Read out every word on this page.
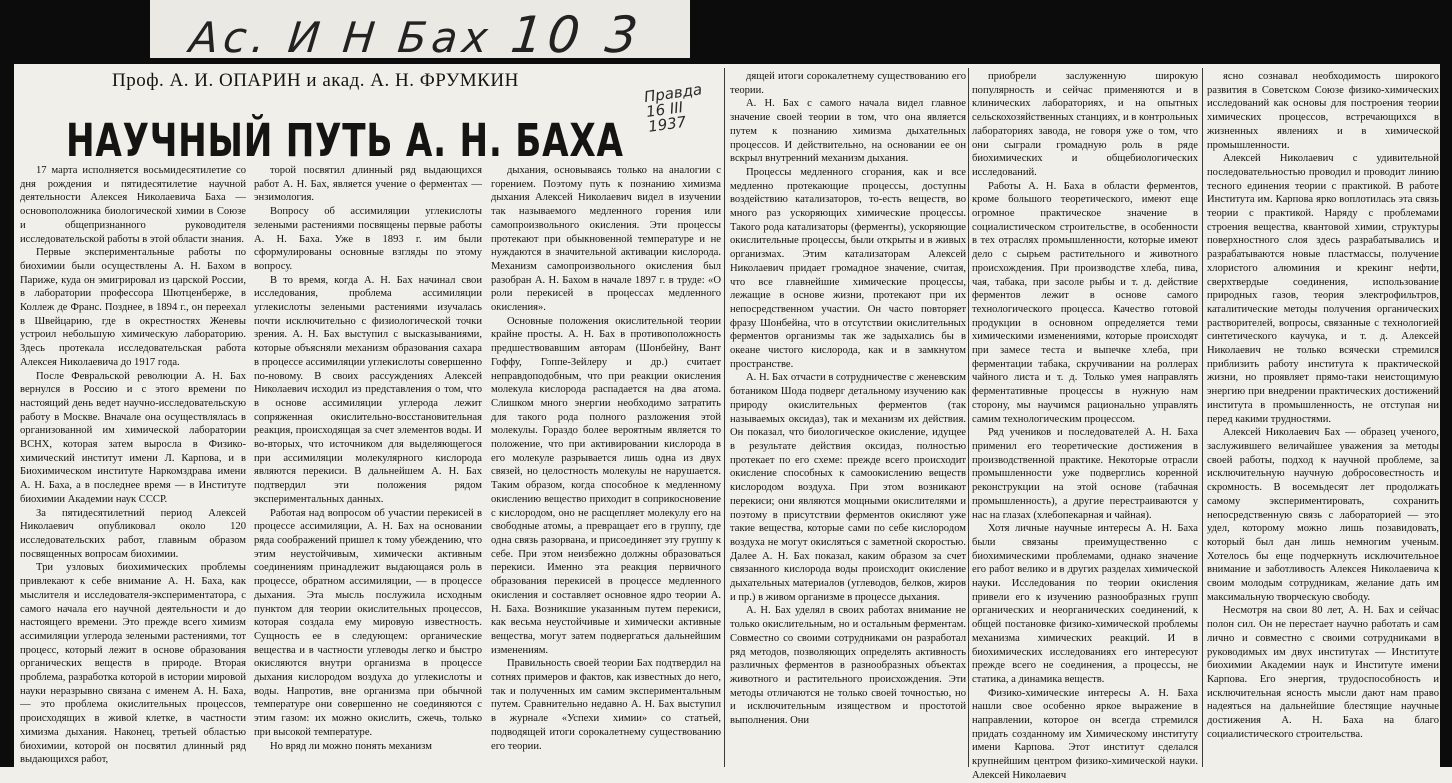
Ас. И Н Бах 10 3
Проф. А. И. ОПАРИН и акад. А. Н. ФРУМКИН
НАУЧНЫЙ ПУТЬ А. Н. БАХА
Правда
16 III
1937

17 марта исполняется восьмидесятилетие со дня рождения и пятидесятилетие научной деятельности Алексея Николаевича Баха — основоположника биологической химии в Союзе и общепризнанного руководителя исследовательской работы в этой области знания.

Первые экспериментальные работы по биохимии были осуществлены А. Н. Бахом в Париже, куда он эмигрировал из царской России, в лаборатории профессора Шютценберже, в Коллеж де Франс. Позднее, в 1894 г., он переехал в Швейцарию, где в окрестностях Женевы устроил небольшую химическую лабораторию. Здесь протекала исследовательская работа Алексея Николаевича до 1917 года.

После Февральской революции А. Н. Бах вернулся в Россию и с этого времени по настоящий день ведет научно-исследовательскую работу в Москве. Вначале она осуществлялась в организованной им химической лаборатории ВСНХ, которая затем выросла в Физико-химический институт имени Л. Карпова, и в Биохимическом институте Наркомздрава имени А. Н. Баха, а в последнее время — в Институте биохимии Академии наук СССР.

За пятидесятилетний период Алексей Николаевич опубликовал около 120 исследовательских работ, главным образом посвященных вопросам биохимии.

Три узловых биохимических проблемы привлекают к себе внимание А. Н. Баха, как мыслителя и исследователя-экспериментатора, с самого начала его научной деятельности и до настоящего времени. Это прежде всего химизм ассимиляции углерода зелеными растениями, тот процесс, который лежит в основе образования органических веществ в природе. Вторая проблема, разработка которой в истории мировой науки неразрывно связана с именем А. Н. Баха, — это проблема окислительных процессов, происходящих в живой клетке, в частности химизма дыхания. Наконец, третьей областью биохимии, которой он посвятил длинный ряд выдающихся работ,

торой посвятил длинный ряд выдающихся работ А. Н. Бах, является учение о ферментах — энзимология.

Вопросу об ассимиляции углекислоты зелеными растениями посвящены первые работы А. Н. Баха. Уже в 1893 г. им были сформулированы основные взгляды по этому вопросу.

В то время, когда А. Н. Бах начинал свои исследования, проблема ассимиляции углекислоты зелеными растениями изучалась почти исключительно с физиологической точки зрения. А. Н. Бах выступил с высказываниями, которые объясняли механизм образования сахара в процессе ассимиляции углекислоты совершенно по-новому. В своих рассуждениях Алексей Николаевич исходил из представления о том, что в основе ассимиляции углерода лежит сопряженная окислительно-восстановительная реакция, происходящая за счет элементов воды. И во-вторых, что источником для выделяющегося при ассимиляции молекулярного кислорода являются перекиси. В дальнейшем А. Н. Бах подтвердил эти положения рядом экспериментальных данных.

Работая над вопросом об участии перекисей в процессе ассимиляции, А. Н. Бах на основании ряда соображений пришел к тому убеждению, что этим неустойчивым, химически активным соединениям принадлежит выдающаяся роль в процессе, обратном ассимиляции, — в процессе дыхания. Эта мысль послужила исходным пунктом для теории окислительных процессов, которая создала ему мировую известность. Сущность ее в следующем: органические вещества и в частности углеводы легко и быстро окисляются внутри организма в процессе дыхания кислородом воздуха до углекислоты и воды. Напротив, вне организма при обычной температуре они совершенно не соединяются с этим газом: их можно окислить, сжечь, только при высокой температуре.

Но вряд ли можно понять механизм

дыхания, основываясь только на аналогии с горением. Поэтому путь к познанию химизма дыхания Алексей Николаевич видел в изучении так называемого медленного горения или самопроизвольного окисления. Эти процессы протекают при обыкновенной температуре и не нуждаются в значительной активации кислорода. Механизм самопроизвольного окисления был разобран А. Н. Бахом в начале 1897 г. в труде: «О роли перекисей в процессах медленного окисления».

Основные положения окислительной теории крайне просты. А. Н. Бах в противоположность предшествовавшим авторам (Шонбейну, Вант Гоффу, Гоппе-Зейлеру и др.) считает неправдоподобным, что при реакции окисления молекула кислорода распадается на два атома. Слишком много энергии необходимо затратить для такого рода полного разложения этой молекулы. Гораздо более вероятным является то положение, что при активировании кислорода в его молекуле разрывается лишь одна из двух связей, но целостность молекулы не нарушается. Таким образом, когда способное к медленному окислению вещество приходит в соприкосновение с кислородом, оно не расщепляет молекулу его на свободные атомы, а превращает его в группу, где одна связь разорвана, и присоединяет эту группу к себе. При этом неизбежно должны образоваться перекиси. Именно эта реакция первичного образования перекисей в процессе медленного окисления и составляет основное ядро теории А. Н. Баха. Возникшие указанным путем перекиси, как весьма неустойчивые и химически активные вещества, могут затем подвергаться дальнейшим изменениям.

Правильность своей теории Бах подтвердил на сотнях примеров и фактов, как известных до него, так и полученных им самим экспериментальным путем. Сравнительно недавно А. Н. Бах выступил в журнале «Успехи химии» со статьей, подводящей итоги сорокалетнему существованию его теории.

дящей итоги сорокалетнему существованию его теории.

А. Н. Бах с самого начала видел главное значение своей теории в том, что она является путем к познанию химизма дыхательных процессов. И действительно, на основании ее он вскрыл внутренний механизм дыхания.

Процессы медленного сгорания, как и все медленно протекающие процессы, доступны воздействию катализаторов, то-есть веществ, во много раз ускоряющих химические процессы. Такого рода катализаторы (ферменты), ускоряющие окислительные процессы, были открыты и в живых организмах. Этим катализаторам Алексей Николаевич придает громадное значение, считая, что все главнейшие химические процессы, лежащие в основе жизни, протекают при их непосредственном участии. Он часто повторяет фразу Шонбейна, что в отсутствии окислительных ферментов организмы так же задыхались бы в океане чистого кислорода, как и в замкнутом пространстве.

А. Н. Бах отчасти в сотрудничестве с женевским ботаником Шода подверг детальному изучению как природу окислительных ферментов (так называемых оксидаз), так и механизм их действия. Он показал, что биологическое окисление, идущее в результате действия оксидаз, полностью протекает по его схеме: прежде всего происходит окисление способных к самоокислению веществ кислородом воздуха. При этом возникают перекиси; они являются мощными окислителями и поэтому в присутствии ферментов окисляют уже такие вещества, которые сами по себе кислородом воздуха не могут окисляться с заметной скоростью. Далее А. Н. Бах показал, каким образом за счет связанного кислорода воды происходит окисление дыхательных материалов (углеводов, белков, жиров и пр.) в живом организме в процессе дыхания.

А. Н. Бах уделял в своих работах внимание не только окислительным, но и остальным ферментам. Совместно со своими сотрудниками он разработал ряд методов, позволяющих определять активность различных ферментов в разнообразных объектах животного и растительного происхождения. Эти методы отличаются не только своей точностью, но и исключительным изяществом и простотой выполнения. Они

приобрели заслуженную широкую популярность и сейчас применяются и в клинических лабораториях, и на опытных сельскохозяйственных станциях, и в контрольных лабораториях завода, не говоря уже о том, что они сыграли громадную роль в ряде биохимических и общебиологических исследований.

Работы А. Н. Баха в области ферментов, кроме большого теоретического, имеют еще огромное практическое значение в социалистическом строительстве, в особенности в тех отраслях промышленности, которые имеют дело с сырьем растительного и животного происхождения. При производстве хлеба, пива, чая, табака, при засоле рыбы и т. д. действие ферментов лежит в основе самого технологического процесса. Качество готовой продукции в основном определяется теми химическими изменениями, которые происходят при замесе теста и выпечке хлеба, при ферментации табака, скручивании на роллерах чайного листа и т. д. Только умея направлять ферментативные процессы в нужную нам сторону, мы научимся рационально управлять самим технологическим процессом.

Ряд учеников и последователей А. Н. Баха применил его теоретические достижения в производственной практике. Некоторые отрасли промышленности уже подверглись коренной реконструкции на этой основе (табачная промышленность), а другие перестраиваются у нас на глазах (хлебопекарная и чайная).

Хотя личные научные интересы А. Н. Баха были связаны преимущественно с биохимическими проблемами, однако значение его работ велико и в других разделах химической науки. Исследования по теории окисления привели его к изучению разнообразных групп органических и неорганических соединений, к общей постановке физико-химической проблемы механизма химических реакций. И в биохимических исследованиях его интересуют прежде всего не соединения, а процессы, не статика, а динамика веществ.

Физико-химические интересы А. Н. Баха нашли свое особенно яркое выражение в направлении, которое он всегда стремился придать созданному им Химическому институту имени Карпова. Этот институт сделался крупнейшим центром физико-химической науки. Алексей Николаевич

ясно сознавал необходимость широкого развития в Советском Союзе физико-химических исследований как основы для построения теории химических процессов, встречающихся в жизненных явлениях и в химической промышленности.

Алексей Николаевич с удивительной последовательностью проводил и проводит линию тесного единения теории с практикой. В работе Института им. Карпова ярко воплотилась эта связь теории с практикой. Наряду с проблемами строения вещества, квантовой химии, структуры поверхностного слоя здесь разрабатывались и разрабатываются новые пластмассы, получение хлористого алюминия и крекинг нефти, сверхтвердые соединения, использование природных газов, теория электрофильтров, каталитические методы получения органических растворителей, вопросы, связанные с технологией синтетического каучука, и т. д. Алексей Николаевич не только всячески стремился приблизить работу института к практической жизни, но проявляет прямо-таки неистощимую энергию при внедрении практических достижений института в промышленность, не отступая ни перед какими трудностями.

Алексей Николаевич Бах — образец ученого, заслужившего величайшее уважения за методы своей работы, подход к научной проблеме, за исключительную научную добросовестность и скромность. В восемьдесят лет продолжать самому экспериментировать, сохранить непосредственную связь с лабораторией — это удел, которому можно лишь позавидовать, который был дан лишь немногим ученым. Хотелось бы еще подчеркнуть исключительное внимание и заботливость Алексея Николаевича к своим молодым сотрудникам, желание дать им максимальную творческую свободу.

Несмотря на свои 80 лет, А. Н. Бах и сейчас полон сил. Он не перестает научно работать и сам лично и совместно с своими сотрудниками в руководимых им двух институтах — Институте биохимии Академии наук и Институте имени Карпова. Его энергия, трудоспособность и исключительная ясность мысли дают нам право надеяться на дальнейшие блестящие научные достижения А. Н. Баха на благо социалистического строительства.
